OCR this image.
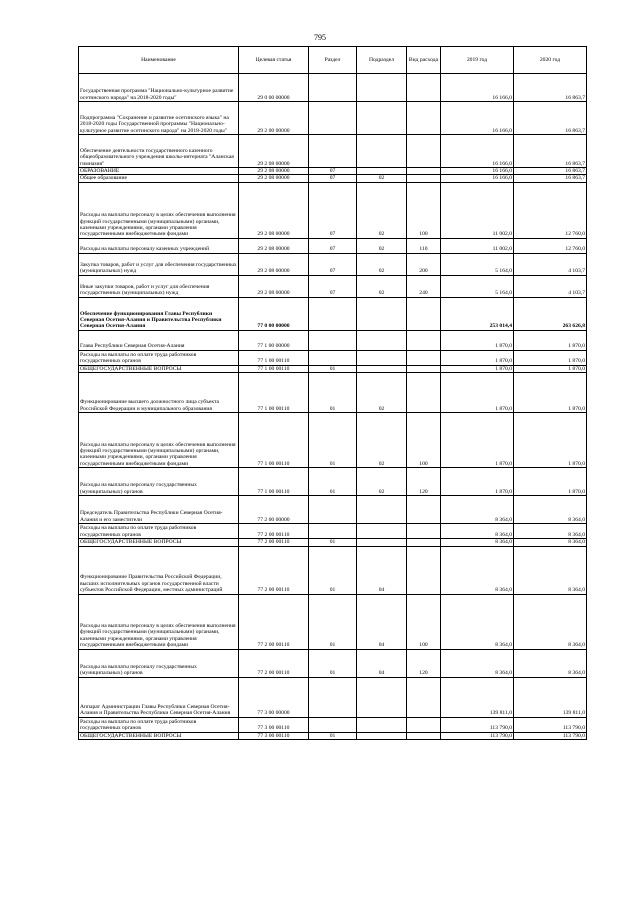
795
Наименование	Целевая статья	Раздел	Подраздел	Вид расхода	2019 год	2020 год
Государственная программа "Национально-культурное развитие осетинского народа" на 2018-2020 годы"	29 0 00 00000				16 166,0	16 863,7
Подпрограмма "Сохранение и развитие осетинского языка" на 2018-2020 годы Государственной программы "Национально-культурное развитие осетинского народа" на 2018-2020 годы"	29 2 00 00000				16 166,0	16 863,7
Обеспечение деятельности государственного казенного общеобразовательного учреждения школы-интерната "Аланская гимназия"	29 2 08 00000				16 166,0	16 863,7
ОБРАЗОВАНИЕ	29 2 08 00000	07			16 166,0	16 863,7
Общее образование	29 2 08 00000	07	02		16 166,0	16 863,7
Расходы на выплаты персоналу в целях обеспечения выполнения функций государственными (муниципальными) органами, казенными учреждениями, органами управления государственными внебюджетными фондами	29 2 08 00000	07	02	100	11 002,0	12 760,0
Расходы на выплаты персоналу казенных учреждений	29 2 08 00000	07	02	110	11 002,0	12 760,0
Закупка товаров, работ и услуг для обеспечения государственных (муниципальных) нужд	29 2 08 00000	07	02	200	5 164,0	4 103,7
Иные закупки товаров, работ и услуг для обеспечения государственных (муниципальных) нужд	29 2 08 00000	07	02	240	5 164,0	4 103,7
Обеспечение функционирования Главы Республики Северная Осетия-Алания и Правительства Республики Северная Осетия-Алания	77 0 00 00000				253 014,4	263 626,8
Глава Республики Северная Осетия-Алания	77 1 00 00000				1 870,0	1 870,0
Расходы на выплаты по оплате труда работников государственных органов	77 1 00 00110				1 870,0	1 870,0
ОБЩЕГОСУДАРСТВЕННЫЕ ВОПРОСЫ	77 1 00 00110	01			1 870,0	1 870,0
Функционирование высшего должностного лица субъекта Российской Федерации и муниципального образования	77 1 00 00110	01	02		1 870,0	1 870,0
Расходы на выплаты персоналу в целях обеспечения выполнения функций государственными (муниципальными) органами, казенными учреждениями, органами управления государственными внебюджетными фондами	77 1 00 00110	01	02	100	1 870,0	1 870,0
Расходы на выплаты персоналу государственных (муниципальных) органов	77 1 00 00110	01	02	120	1 870,0	1 870,0
Председатель Правительства Республики Северная Осетия-Алания и его заместители	77 2 00 00000				8 364,0	8 364,0
Расходы на выплаты по оплате труда работников государственных органов	77 2 00 00110				8 364,0	8 364,0
ОБЩЕГОСУДАРСТВЕННЫЕ ВОПРОСЫ	77 2 00 00110	01			8 364,0	8 364,0
Функционирование Правительства Российской Федерации, высших исполнительных органов государственной власти субъектов Российской Федерации, местных администраций	77 2 00 00110	01	04		8 364,0	8 364,0
Расходы на выплаты персоналу в целях обеспечения выполнения функций государственными (муниципальными) органами, казенными учреждениями, органами управления государственными внебюджетными фондами	77 2 00 00110	01	04	100	8 364,0	8 364,0
Расходы на выплаты персоналу государственных (муниципальных) органов	77 2 00 00110	01	04	120	8 364,0	8 364,0
Аппарат Администрации Главы Республики Северная Осетия-Алания и Правительства Республики Северная Осетия-Алания	77 3 00 00000				139 811,0	139 811,0
Расходы на выплаты по оплате труда работников государственных органов	77 3 00 00110				113 790,0	113 790,0
ОБЩЕГОСУДАРСТВЕННЫЕ ВОПРОСЫ	77 3 00 00110	01			113 790,0	113 790,0
